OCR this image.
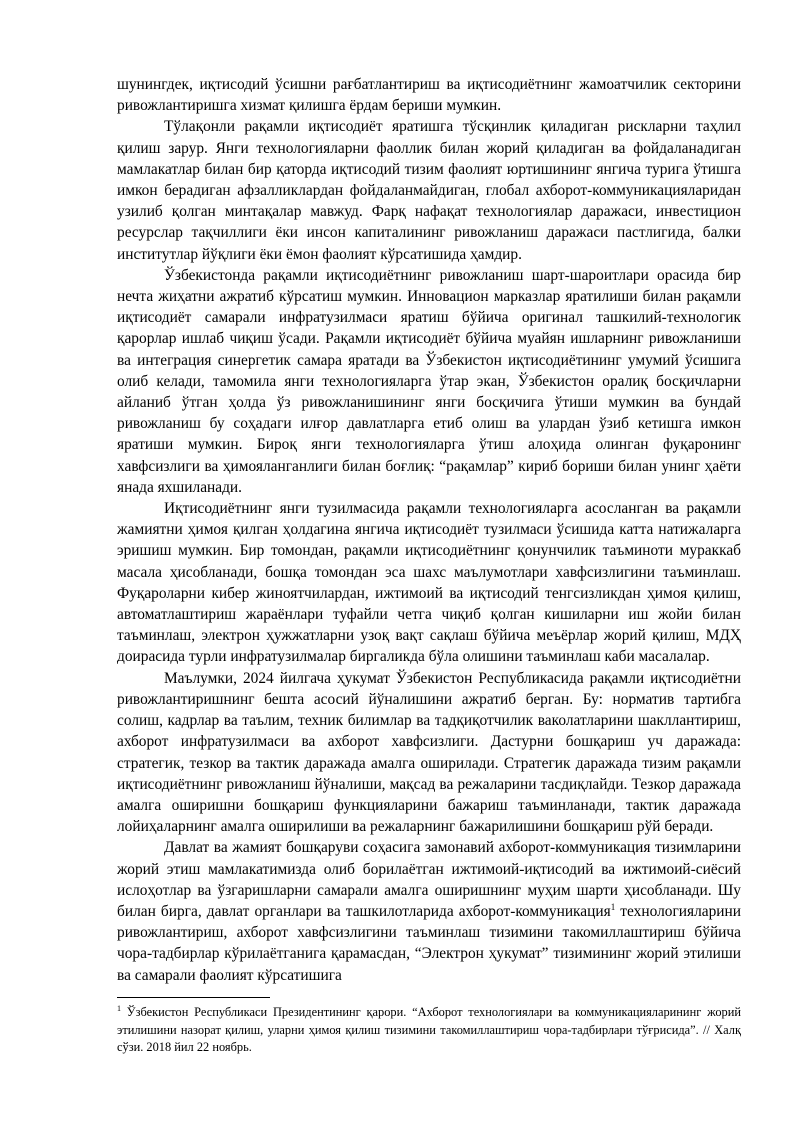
шунингдек, иқтисодий ўсишни рағбатлантириш ва иқтисодиётнинг жамоатчилик секторини ривожлантиришга хизмат қилишга ёрдам бериши мумкин.

Тўлақонли рақамли иқтисодиёт яратишга тўсқинлик қиладиган рискларни таҳлил қилиш зарур. Янги технологияларни фаоллик билан жорий қиладиган ва фойдаланадиган мамлакатлар билан бир қаторда иқтисодий тизим фаолият юртишининг янгича турига ўтишга имкон берадиган афзалликлардан фойдаланмайдиган, глобал ахборот-коммуникацияларидан узилиб қолган минтақалар мавжуд. Фарқ нафақат технологиялар даражаси, инвестицион ресурслар тақчиллиги ёки инсон капиталининг ривожланиш даражаси пастлигида, балки институтлар йўқлиги ёки ёмон фаолият кўрсатишида ҳамдир.

Ўзбекистонда рақамли иқтисодиётнинг ривожланиш шарт-шароитлари орасида бир нечта жиҳатни ажратиб кўрсатиш мумкин. Инновацион марказлар яратилиши билан рақамли иқтисодиёт самарали инфратузилмаси яратиш бўйича оригинал ташкилий-технологик қарорлар ишлаб чиқиш ўсади. Рақамли иқтисодиёт бўйича муайян ишларнинг ривожланиши ва интеграция синергетик самара яратади ва Ўзбекистон иқтисодиётининг умумий ўсишига олиб келади, тамомила янги технологияларга ўтар экан, Ўзбекистон оралиқ босқичларни айланиб ўтган ҳолда ўз ривожланишининг янги босқичига ўтиши мумкин ва бундай ривожланиш бу соҳадаги илғор давлатларга етиб олиш ва улардан ўзиб кетишга имкон яратиши мумкин. Бироқ янги технологияларга ўтиш алоҳида олинган фуқаронинг хавфсизлиги ва ҳимояланганлиги билан боғлиқ: “рақамлар” кириб бориши билан унинг ҳаёти янада яхшиланади.

Иқтисодиётнинг янги тузилмасида рақамли технологияларга асосланган ва рақамли жамиятни ҳимоя қилган ҳолдагина янгича иқтисодиёт тузилмаси ўсишида катта натижаларга эришиш мумкин. Бир томондан, рақамли иқтисодиётнинг қонунчилик таъминоти мураккаб масала ҳисобланади, бошқа томондан эса шахс маълумотлари хавфсизлигини таъминлаш. Фуқароларни кибер жиноятчилардан, ижтимоий ва иқтисодий тенгсизликдан ҳимоя қилиш, автоматлаштириш жараёнлари туфайли четга чиқиб қолган кишиларни иш жойи билан таъминлаш, электрон ҳужжатларни узоқ вақт сақлаш бўйича меъёрлар жорий қилиш, МДҲ доирасида турли инфратузилмалар биргаликда бўла олишини таъминлаш каби масалалар.

Маълумки, 2024 йилгача ҳукумат Ўзбекистон Республикасида рақамли иқтисодиётни ривожлантиришнинг бешта асосий йўналишини ажратиб берган. Бу: норматив тартибга солиш, кадрлар ва таълим, техник билимлар ва тадқиқотчилик ваколатларини шакллантириш, ахборот инфратузилмаси ва ахборот хавфсизлиги. Дастурни бошқариш уч даражада: стратегик, тезкор ва тактик даражада амалга оширилади. Стратегик даражада тизим рақамли иқтисодиётнинг ривожланиш йўналиши, мақсад ва режаларини тасдиқлайди. Тезкор даражада амалга оширишни бошқариш функцияларини бажариш таъминланади, тактик даражада лойиҳаларнинг амалга оширилиши ва режаларнинг бажарилишини бошқариш рўй беради.

Давлат ва жамият бошқаруви соҳасига замонавий ахборот-коммуникация тизимларини жорий этиш мамлакатимизда олиб борилаётган ижтимоий-иқтисодий ва ижтимоий-сиёсий ислоҳотлар ва ўзгаришларни самарали амалга оширишнинг муҳим шарти ҳисобланади. Шу билан бирга, давлат органлари ва ташкилотларида ахборот-коммуникация$^1$ технологияларини ривожлантириш, ахборот хавфсизлигини таъминлаш тизимини такомиллаштириш бўйича чора-тадбирлар кўрилаётганига қарамасдан, “Электрон ҳукумат” тизимининг жорий этилиши ва самарали фаолият кўрсатишига

$^1$ Ўзбекистон Республикаси Президентининг қарори. “Ахборот технологиялари ва коммуникацияларининг жорий этилишини назорат қилиш, уларни ҳимоя қилиш тизимини такомиллаштириш чора-тадбирлари тўғрисида”. // Халқ сўзи. 2018 йил 22 ноябрь.
